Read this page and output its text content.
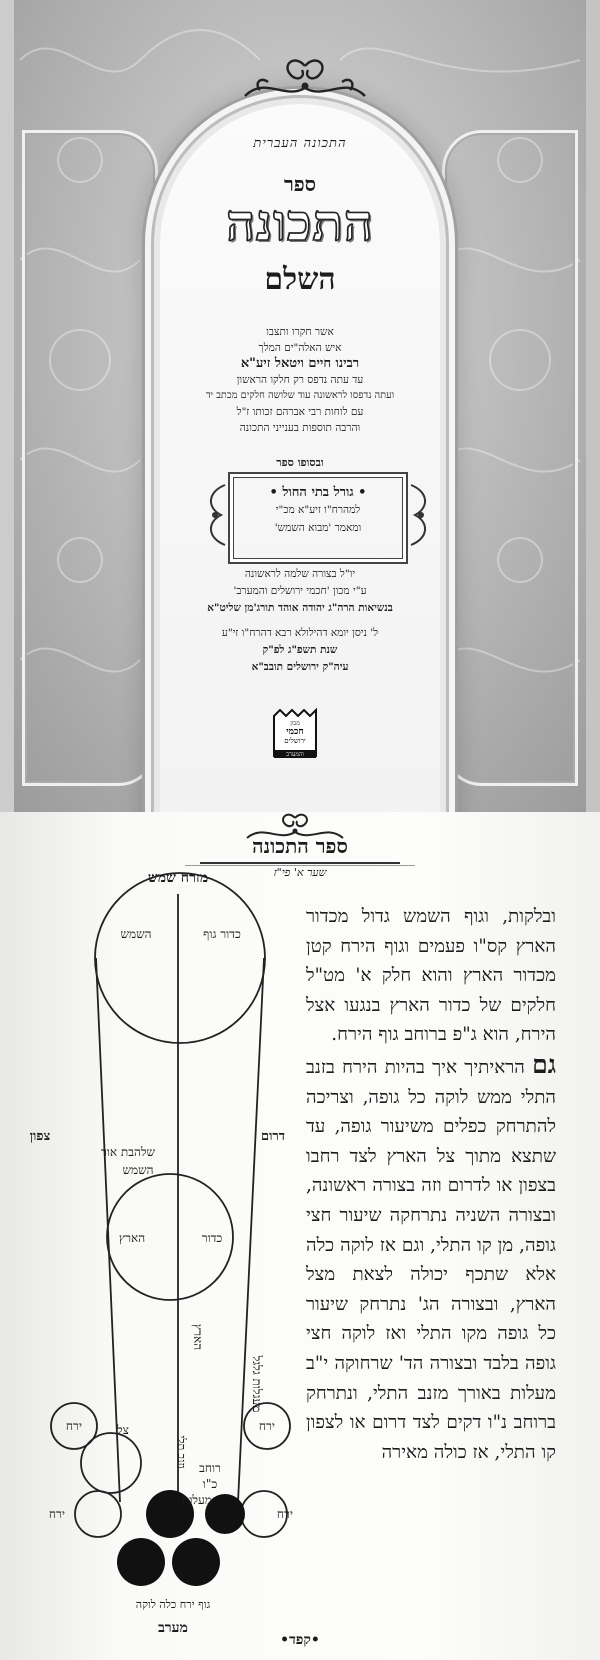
התכונה העברית
ספר
התכונה
השלם
אשר חקרו ותצבו
איש האלה"ים המלך
רבינו חיים ויטאל זיע"א
עד עתה נדפס רק חלקו הראשון
ועתה נדפסו לראשונה עוד שלושה חלקים מכתב יד
עם לוחות רבי אברהם זכותו ז"ל
והרבה תוספות בענייני התכונה
ובסופו ספר
• גורל בתי החול •
למהרח"ו זיע"א מכ"י
ומאמר 'מבוא השמש'
יו"ל בצורה שלמה לראשונה
ע"י מכון 'חכמי ירושלים והמערב'
בנשיאות הרה"ג יהודה אוהד תורג'מן שליט"א
ל' ניסן יומא דהילולא רבא דהרח"ו זי"ע
שנת תשפ"ג לפ"ק
עיה"ק ירושלים תובב"א
מכון
חכמי
ירושלים
והמערב
ספר התכונה
שער א' פי"ז

ובלקות, וגוף השמש גדול מכדור הארץ קס"ו פעמים וגוף הירח קטן מכדור הארץ והוא חלק א' מט"ל חלקים של כדור הארץ בנגעו אצל הירח, הוא ג"פ ברוחב גוף הירח.

גם הראיתיך איך בהיות הירח בזנב התלי ממש לוקה כל גופה, וצריכה להתרחק כפלים משיעור גופה, עד שתצא מתוך צל הארץ לצד רחבו בצפון או לדרום וזה בצורה ראשונה, ובצורה השניה נתרחקה שיעור חצי גופה, מן קו התלי, וגם אז לוקה כלה אלא שתכף יכולה לצאת מצל הארץ, ובצורה הג' נתרחק שיעור כל גופה מקו התלי ואז לוקה חצי גופה בלבד ובצורה הד' שרחוקה י"ב מעלות באורך מזנב התלי, ונתרחק ברוחב נ"ו דקים לצד דרום או לצפון קו התלי, אז כולה מאירה

מזרח שמש
כדור גוף
השמש
צפון	דרום
שלהבת אור
השמש
כדור
הארץ
הארץ
מעגלות גלגל
ירח	ירח
צל
רוחב
כ"ו
מעלות
וזנב תלי
ירח	ירח
גוף ירח כלה לוקה
מערב
•קפד•
